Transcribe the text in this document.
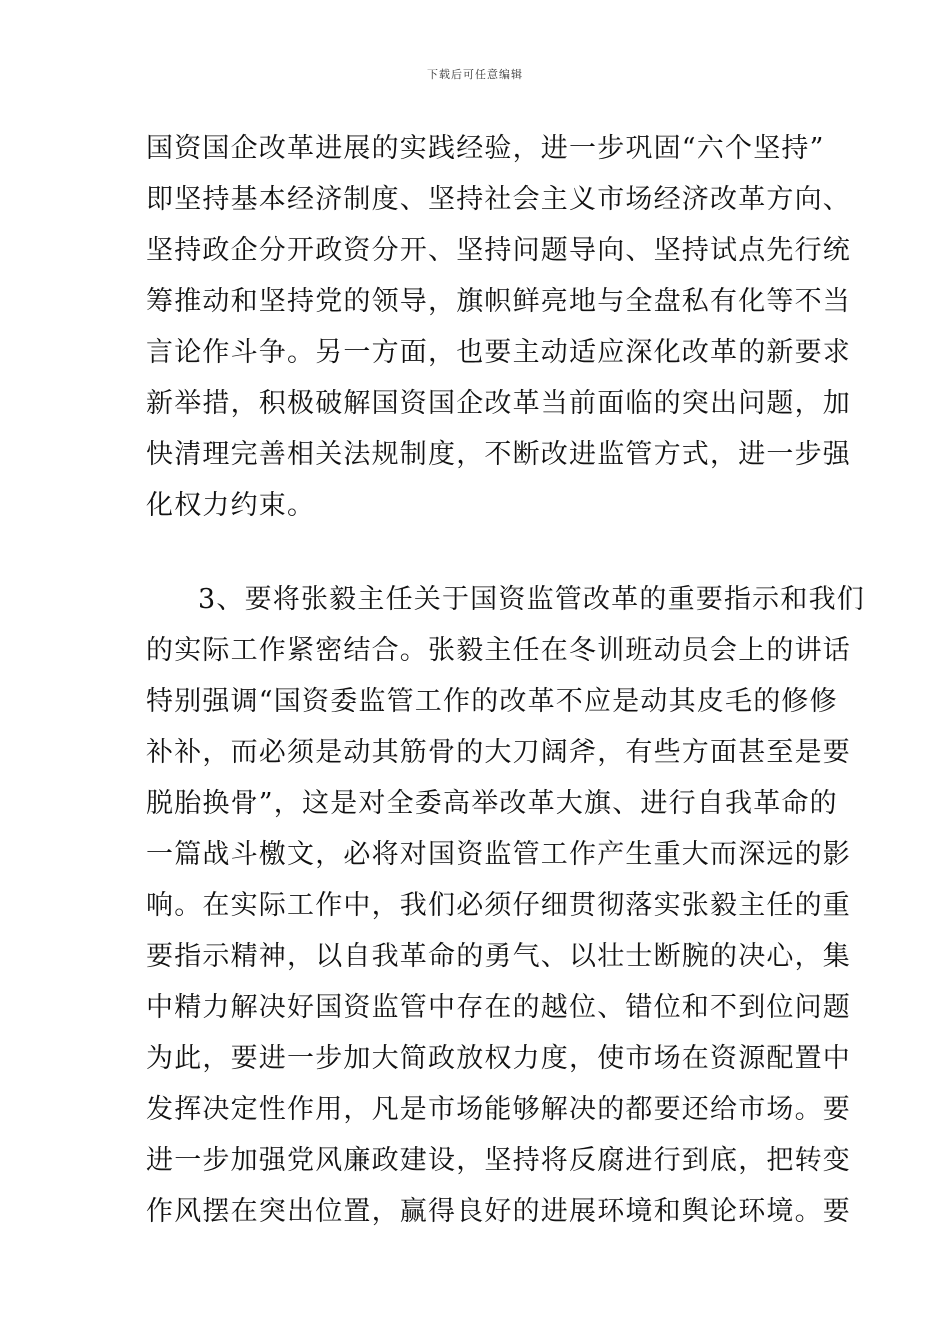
下载后可任意编辑
国资国企改革进展的实践经验，进一步巩固“六个坚持”
即坚持基本经济制度、坚持社会主义市场经济改革方向、
坚持政企分开政资分开、坚持问题导向、坚持试点先行统
筹推动和坚持党的领导，旗帜鲜亮地与全盘私有化等不当
言论作斗争。另一方面，也要主动适应深化改革的新要求
新举措，积极破解国资国企改革当前面临的突出问题，加
快清理完善相关法规制度，不断改进监管方式，进一步强
化权力约束。
3、要将张毅主任关于国资监管改革的重要指示和我们
的实际工作紧密结合。张毅主任在冬训班动员会上的讲话
特别强调“国资委监管工作的改革不应是动其皮毛的修修
补补，而必须是动其筋骨的大刀阔斧，有些方面甚至是要
脱胎换骨”，这是对全委高举改革大旗、进行自我革命的
一篇战斗檄文，必将对国资监管工作产生重大而深远的影
响。在实际工作中，我们必须仔细贯彻落实张毅主任的重
要指示精神，以自我革命的勇气、以壮士断腕的决心，集
中精力解决好国资监管中存在的越位、错位和不到位问题
为此，要进一步加大简政放权力度，使市场在资源配置中
发挥决定性作用，凡是市场能够解决的都要还给市场。要
进一步加强党风廉政建设，坚持将反腐进行到底，把转变
作风摆在突出位置，赢得良好的进展环境和舆论环境。要
